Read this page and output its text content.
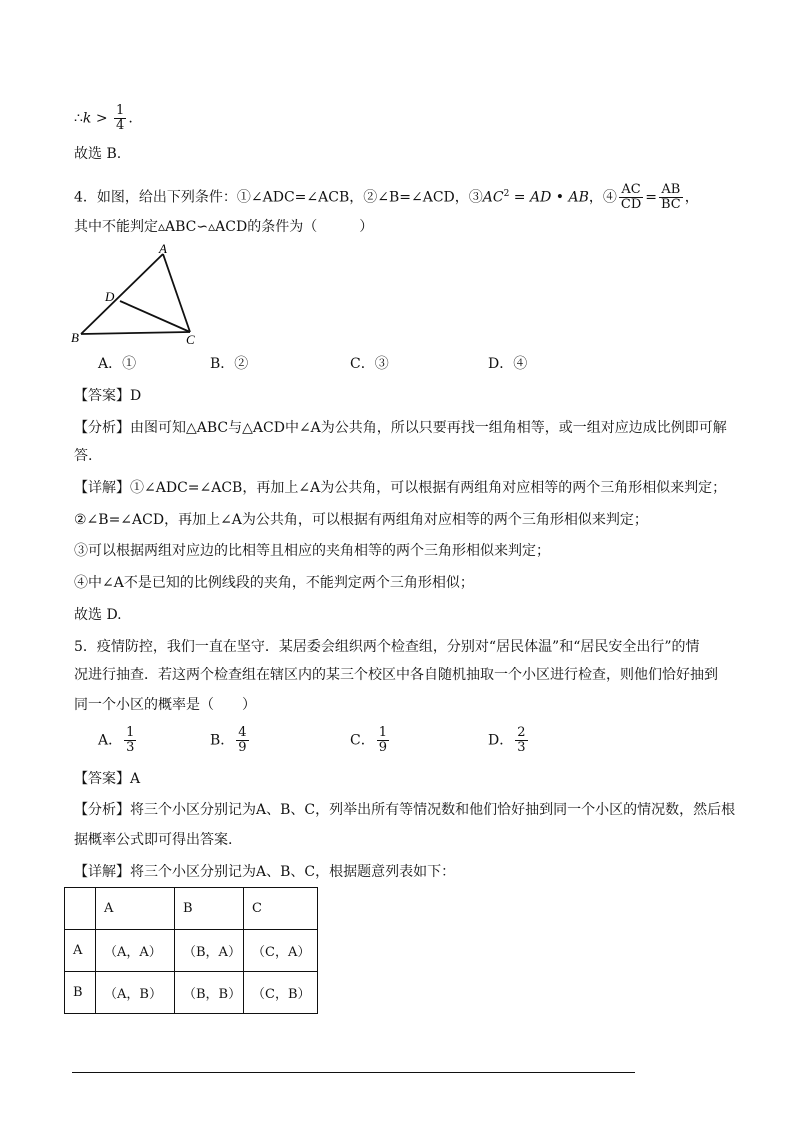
∴k > $\frac{1}{4}$ .
故选 B.
4．如图，给出下列条件：①∠ADC=∠ACB，②∠B=∠ACD，$③AC^2$ = AD • AB，④ $\frac{AC}{CD} = \frac{AB}{BC}$ ，
其中不能判定▵ABC∽▵ACD的条件为（　　　）
A
D
B	C
A．①	B．②	C．③	D．④
【答案】D
【分析】由图可知△ABC与△ACD中∠A为公共角，所以只要再找一组角相等，或一组对应边成比例即可解
答.
【详解】①∠ADC=∠ACB，再加上∠A为公共角，可以根据有两组角对应相等的两个三角形相似来判定；
②∠B=∠ACD，再加上∠A为公共角，可以根据有两组角对应相等的两个三角形相似来判定；
③可以根据两组对应边的比相等且相应的夹角相等的两个三角形相似来判定；
④中∠A不是已知的比例线段的夹角，不能判定两个三角形相似；
故选 D.
5．疫情防控，我们一直在坚守．某居委会组织两个检查组，分别对“居民体温”和“居民安全出行”的情
况进行抽查．若这两个检查组在辖区内的某三个校区中各自随机抽取一个小区进行检查，则他们恰好抽到
同一个小区的概率是（　　）
A． $\frac{1}{3}$	B． $\frac{4}{9}$	C． $\frac{1}{9}$	D． $\frac{2}{3}$
【答案】A
【分析】将三个小区分别记为A、B、C，列举出所有等情况数和他们恰好抽到同一个小区的情况数，然后根
据概率公式即可得出答案.
【详解】将三个小区分别记为A、B、C，根据题意列表如下：
	A	B	C
A	（A，A）	（B，A）	（C，A）
B	（A，B）	（B，B）	（C，B）
